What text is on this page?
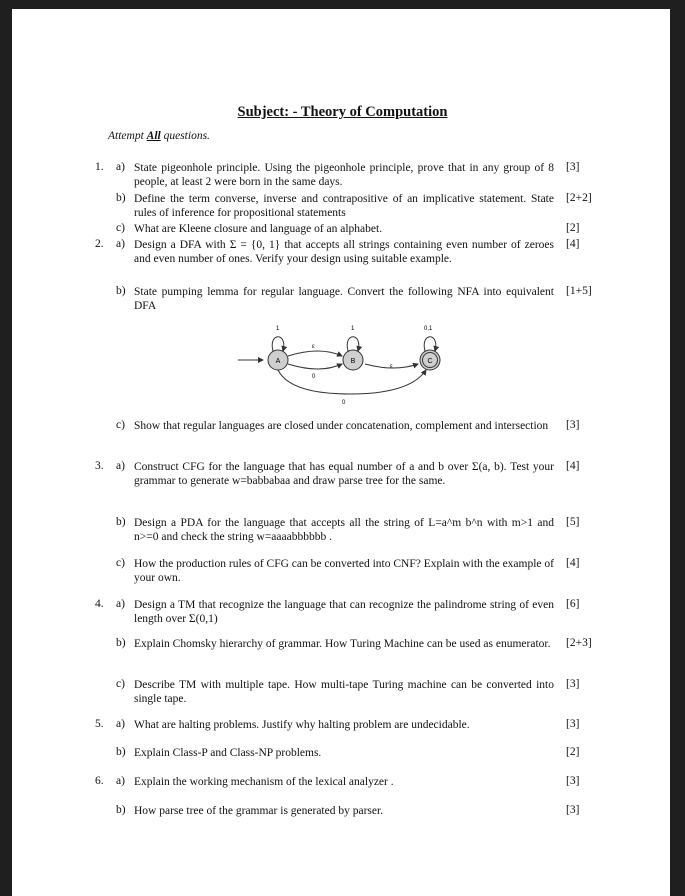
Subject: - Theory of Computation
Attempt All questions.
1. a) State pigeonhole principle. Using the pigeonhole principle, prove that in any group of 8 people, at least 2 were born in the same days.
[3]
b) Define the term converse, inverse and contrapositive of an implicative statement. State rules of inference for propositional statements
[2+2]
c) What are Kleene closure and language of an alphabet.	[2]
2. a) Design a DFA with Σ = {0, 1} that accepts all strings containing even number of zeroes and even number of ones. Verify your design using suitable example.
[4]
b) State pumping lemma for regular language. Convert the following NFA into equivalent DFA
[1+5]
1	1	0,1
ε
0
ε
0
A	B	C
c) Show that regular languages are closed under concatenation, complement and intersection	[3]
3. a) Construct CFG for the language that has equal number of a and b over Σ(a, b). Test your grammar to generate w=babbabaa and draw parse tree for the same.
[4]
b) Design a PDA for the language that accepts all the string of L=a^m b^n with m>1 and n>=0 and check the string w=aaaabbbbbb .
[5]
c) How the production rules of CFG can be converted into CNF? Explain with the example of your own.
[4]
4. a) Design a TM that recognize the language that can recognize the palindrome string of even length over Σ(0,1)
[6]
b) Explain Chomsky hierarchy of grammar. How Turing Machine can be used as enumerator.	[2+3]
c) Describe TM with multiple tape. How multi-tape Turing machine can be converted into single tape.
[3]
5. a) What are halting problems. Justify why halting problem are undecidable.	[3]
b) Explain Class-P and Class-NP problems.	[2]
6. a) Explain the working mechanism of the lexical analyzer .	[3]
b) How parse tree of the grammar is generated by parser.	[3]
